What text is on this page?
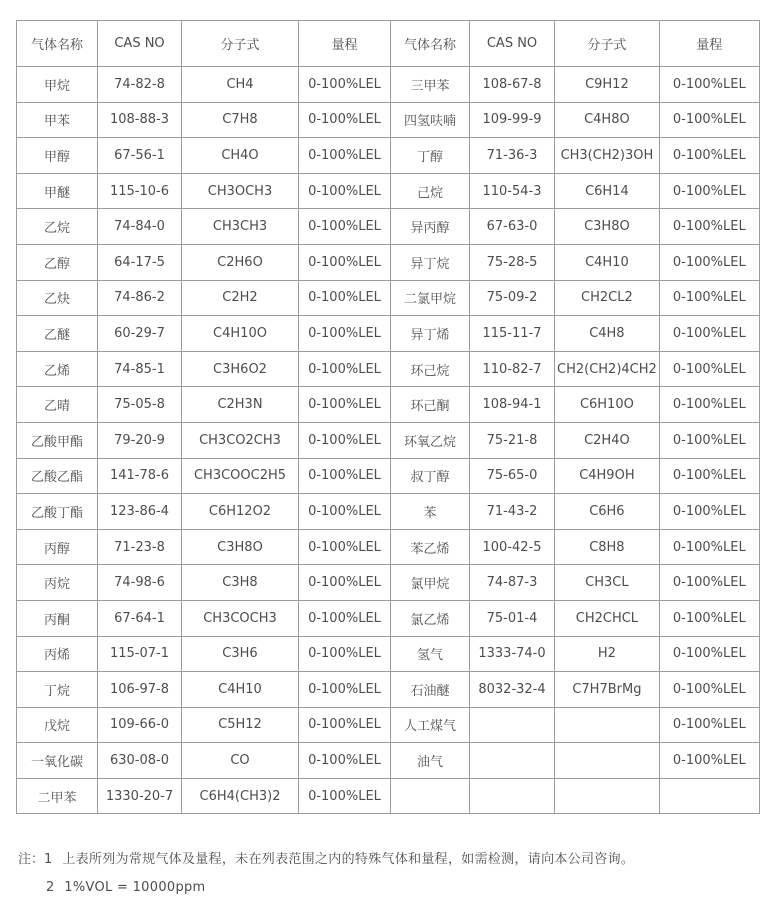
气体名称	CAS NO	分子式	量程	气体名称	CAS NO	分子式	量程
甲烷	74-82-8	CH4	0-100%LEL	三甲苯	108-67-8	C9H12	0-100%LEL
甲苯	108-88-3	C7H8	0-100%LEL	四氢呋喃	109-99-9	C4H8O	0-100%LEL
甲醇	67-56-1	CH4O	0-100%LEL	丁醇	71-36-3	CH3(CH2)3OH	0-100%LEL
甲醚	115-10-6	CH3OCH3	0-100%LEL	己烷	110-54-3	C6H14	0-100%LEL
乙烷	74-84-0	CH3CH3	0-100%LEL	异丙醇	67-63-0	C3H8O	0-100%LEL
乙醇	64-17-5	C2H6O	0-100%LEL	异丁烷	75-28-5	C4H10	0-100%LEL
乙炔	74-86-2	C2H2	0-100%LEL	二氯甲烷	75-09-2	CH2CL2	0-100%LEL
乙醚	60-29-7	C4H10O	0-100%LEL	异丁烯	115-11-7	C4H8	0-100%LEL
乙烯	74-85-1	C3H6O2	0-100%LEL	环己烷	110-82-7	CH2(CH2)4CH2	0-100%LEL
乙晴	75-05-8	C2H3N	0-100%LEL	环己酮	108-94-1	C6H10O	0-100%LEL
乙酸甲酯	79-20-9	CH3CO2CH3	0-100%LEL	环氧乙烷	75-21-8	C2H4O	0-100%LEL
乙酸乙酯	141-78-6	CH3COOC2H5	0-100%LEL	叔丁醇	75-65-0	C4H9OH	0-100%LEL
乙酸丁酯	123-86-4	C6H12O2	0-100%LEL	苯	71-43-2	C6H6	0-100%LEL
丙醇	71-23-8	C3H8O	0-100%LEL	苯乙烯	100-42-5	C8H8	0-100%LEL
丙烷	74-98-6	C3H8	0-100%LEL	氯甲烷	74-87-3	CH3CL	0-100%LEL
丙酮	67-64-1	CH3COCH3	0-100%LEL	氯乙烯	75-01-4	CH2CHCL	0-100%LEL
丙烯	115-07-1	C3H6	0-100%LEL	氢气	1333-74-0	H2	0-100%LEL
丁烷	106-97-8	C4H10	0-100%LEL	石油醚	8032-32-4	C7H7BrMg	0-100%LEL
戊烷	109-66-0	C5H12	0-100%LEL	人工煤气			0-100%LEL
一氧化碳	630-08-0	CO	0-100%LEL	油气			0-100%LEL
二甲苯	1330-20-7	C6H4(CH3)2	0-100%LEL				
注：1 上表所列为常规气体及量程，未在列表范围之内的特殊气体和量程，如需检测，请向本公司咨询。
2 1%VOL = 10000ppm
